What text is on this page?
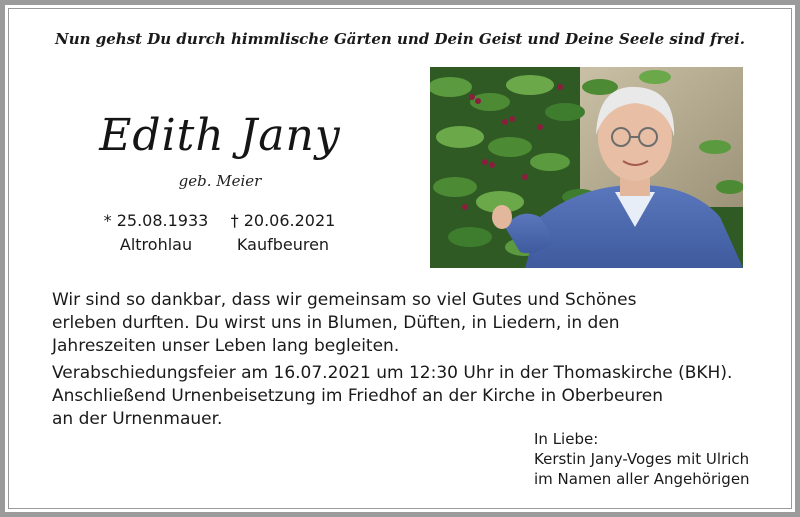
Nun gehst Du durch himmlische Gärten und Dein Geist und Deine Seele sind frei.
Edith Jany
geb. Meier
* 25.08.1933
Altrohlau
† 20.06.2021
Kaufbeuren

Wir sind so dankbar, dass wir gemeinsam so viel Gutes und Schönes
erleben durften. Du wirst uns in Blumen, Düften, in Liedern, in den
Jahreszeiten unser Leben lang begleiten.

Verabschiedungsfeier am 16.07.2021 um 12:30 Uhr in der Thomaskirche (BKH).
Anschließend Urnenbeisetzung im Friedhof an der Kirche in Oberbeuren
an der Urnenmauer.

In Liebe:
Kerstin Jany-Voges mit Ulrich
im Namen aller Angehörigen
